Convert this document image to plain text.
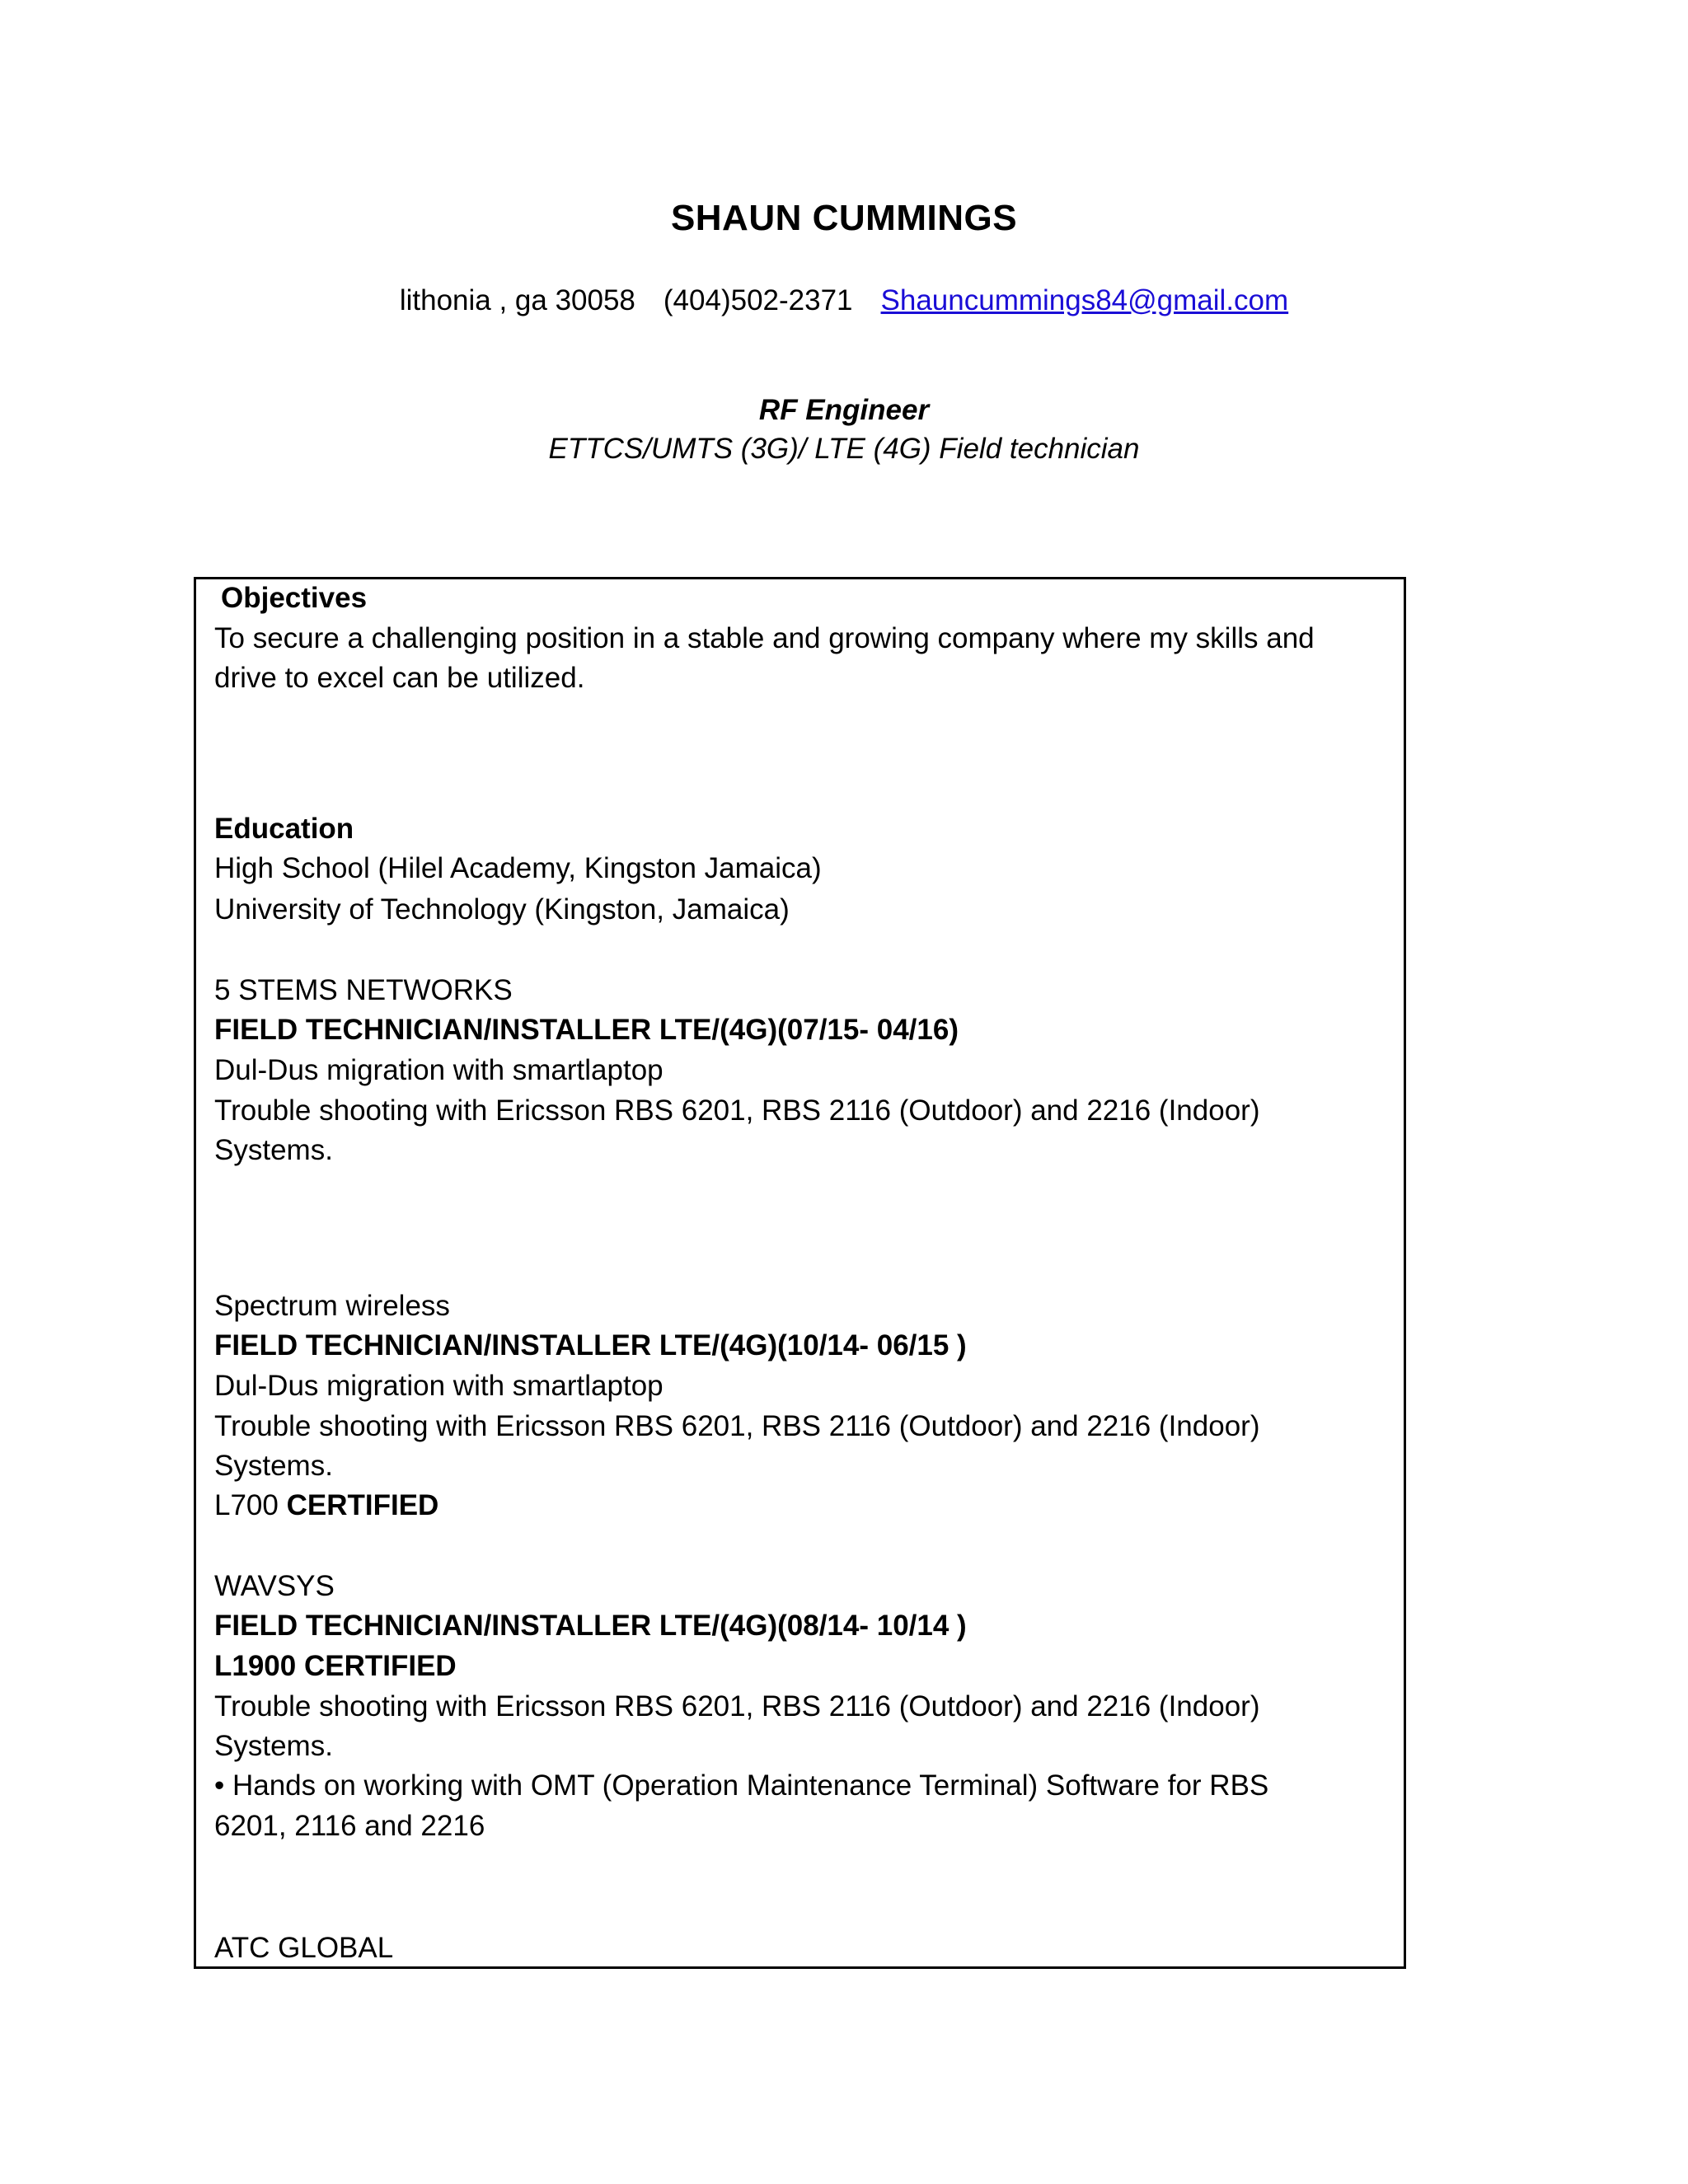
SHAUN CUMMINGS
lithonia , ga 30058 (404)502-2371 Shauncummings84@gmail.com
RF Engineer
ETTCS/UMTS (3G)/ LTE (4G) Field technician
Objectives
To secure a challenging position in a stable and growing company where my skills and
drive to excel can be utilized.
Education
High School (Hilel Academy, Kingston Jamaica)
University of Technology (Kingston, Jamaica)
5 STEMS NETWORKS
FIELD TECHNICIAN/INSTALLER LTE/(4G)(07/15- 04/16)
Dul-Dus migration with smartlaptop
Trouble shooting with Ericsson RBS 6201, RBS 2116 (Outdoor) and 2216 (Indoor)
Systems.
Spectrum wireless
FIELD TECHNICIAN/INSTALLER LTE/(4G)(10/14- 06/15 )
Dul-Dus migration with smartlaptop
Trouble shooting with Ericsson RBS 6201, RBS 2116 (Outdoor) and 2216 (Indoor)
Systems.
L700 CERTIFIED
WAVSYS
FIELD TECHNICIAN/INSTALLER LTE/(4G)(08/14- 10/14 )
L1900 CERTIFIED
Trouble shooting with Ericsson RBS 6201, RBS 2116 (Outdoor) and 2216 (Indoor)
Systems.
• Hands on working with OMT (Operation Maintenance Terminal) Software for RBS
6201, 2116 and 2216
ATC GLOBAL
